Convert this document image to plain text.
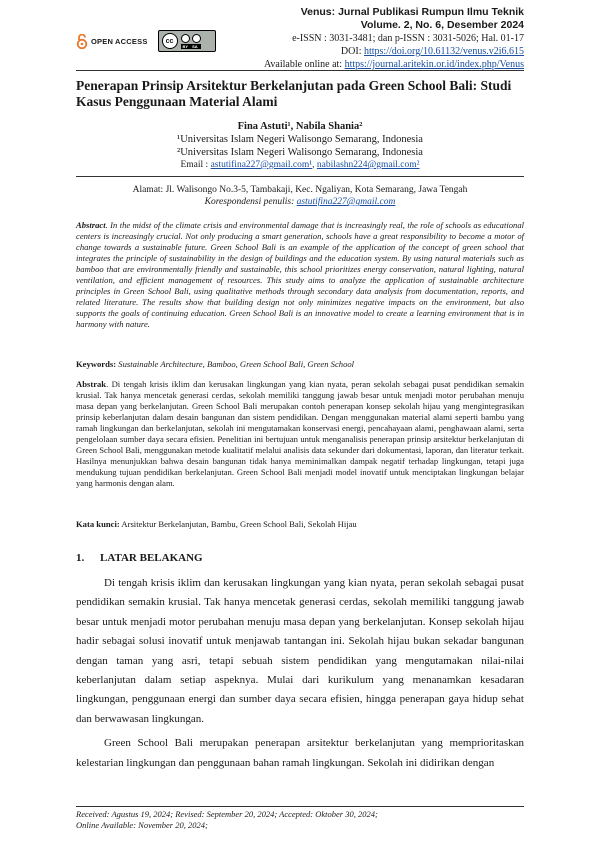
OPEN ACCESS	cc
BY SA
Venus: Jurnal Publikasi Rumpun Ilmu Teknik
Volume. 2, No. 6, Desember 2024
e-ISSN : 3031-3481; dan p-ISSN : 3031-5026; Hal. 01-17
DOI: https://doi.org/10.61132/venus.v2i6.615
Available online at: https://journal.aritekin.or.id/index.php/Venus
Penerapan Prinsip Arsitektur Berkelanjutan pada Green School Bali: Studi Kasus Penggunaan Material Alami
Fina Astuti¹, Nabila Shania²
¹Universitas Islam Negeri Walisongo Semarang, Indonesia
²Universitas Islam Negeri Walisongo Semarang, Indonesia
Email : astutifina227@gmail.com¹, nabilashn224@gmail.com²
Alamat: Jl. Walisongo No.3-5, Tambakaji, Kec. Ngaliyan, Kota Semarang, Jawa Tengah
Korespondensi penulis: astutifina227@gmail.com
Abstract. In the midst of the climate crisis and environmental damage that is increasingly real, the role of schools as educational centers is increasingly crucial. Not only producing a smart generation, schools have a great responsibility to become a motor of change towards a sustainable future. Green School Bali is an example of the application of the concept of green school that integrates the principle of sustainability in the design of buildings and the education system. By using natural materials such as bamboo that are environmentally friendly and sustainable, this school prioritizes energy conservation, natural lighting, natural ventilation, and efficient management of resources. This study aims to analyze the application of sustainable architecture principles in Green School Bali, using qualitative methods through secondary data analysis from documentation, reports, and related literature. The results show that building design not only minimizes negative impacts on the environment, but also supports the goals of continuing education. Green School Bali is an innovative model to create a learning environment that is in harmony with nature.
Keywords: Sustainable Architecture, Bamboo, Green School Bali, Green School
Abstrak. Di tengah krisis iklim dan kerusakan lingkungan yang kian nyata, peran sekolah sebagai pusat pendidikan semakin krusial. Tak hanya mencetak generasi cerdas, sekolah memiliki tanggung jawab besar untuk menjadi motor perubahan menuju masa depan yang berkelanjutan. Green School Bali merupakan contoh penerapan konsep sekolah hijau yang mengintegrasikan prinsip keberlanjutan dalam desain bangunan dan sistem pendidikan. Dengan menggunakan material alami seperti bambu yang ramah lingkungan dan berkelanjutan, sekolah ini mengutamakan konservasi energi, pencahayaan alami, penghawaan alami, serta pengelolaan sumber daya secara efisien. Penelitian ini bertujuan untuk menganalisis penerapan prinsip arsitektur berkelanjutan di Green School Bali, menggunakan metode kualitatif melalui analisis data sekunder dari dokumentasi, laporan, dan literatur terkait. Hasilnya menunjukkan bahwa desain bangunan tidak hanya meminimalkan dampak negatif terhadap lingkungan, tetapi juga mendukung tujuan pendidikan berkelanjutan. Green School Bali menjadi model inovatif untuk menciptakan lingkungan belajar yang harmonis dengan alam.
Kata kunci: Arsitektur Berkelanjutan, Bambu, Green School Bali, Sekolah Hijau
1. LATAR BELAKANG

Di tengah krisis iklim dan kerusakan lingkungan yang kian nyata, peran sekolah sebagai pusat pendidikan semakin krusial. Tak hanya mencetak generasi cerdas, sekolah memiliki tanggung jawab besar untuk menjadi motor perubahan menuju masa depan yang berkelanjutan. Konsep sekolah hijau hadir sebagai solusi inovatif untuk menjawab tantangan ini. Sekolah hijau bukan sekadar bangunan dengan taman yang asri, tetapi sebuah sistem pendidikan yang mengutamakan nilai-nilai keberlanjutan dalam setiap aspeknya. Mulai dari kurikulum yang menanamkan kesadaran lingkungan, penggunaan energi dan sumber daya secara efisien, hingga penerapan gaya hidup sehat dan berwawasan lingkungan.

Green School Bali merupakan penerapan arsitektur berkelanjutan yang memprioritaskan kelestarian lingkungan dan penggunaan bahan ramah lingkungan. Sekolah ini didirikan dengan

Received: Agustus 19, 2024; Revised: September 20, 2024; Accepted: Oktober 30, 2024;
Online Available: November 20, 2024;
